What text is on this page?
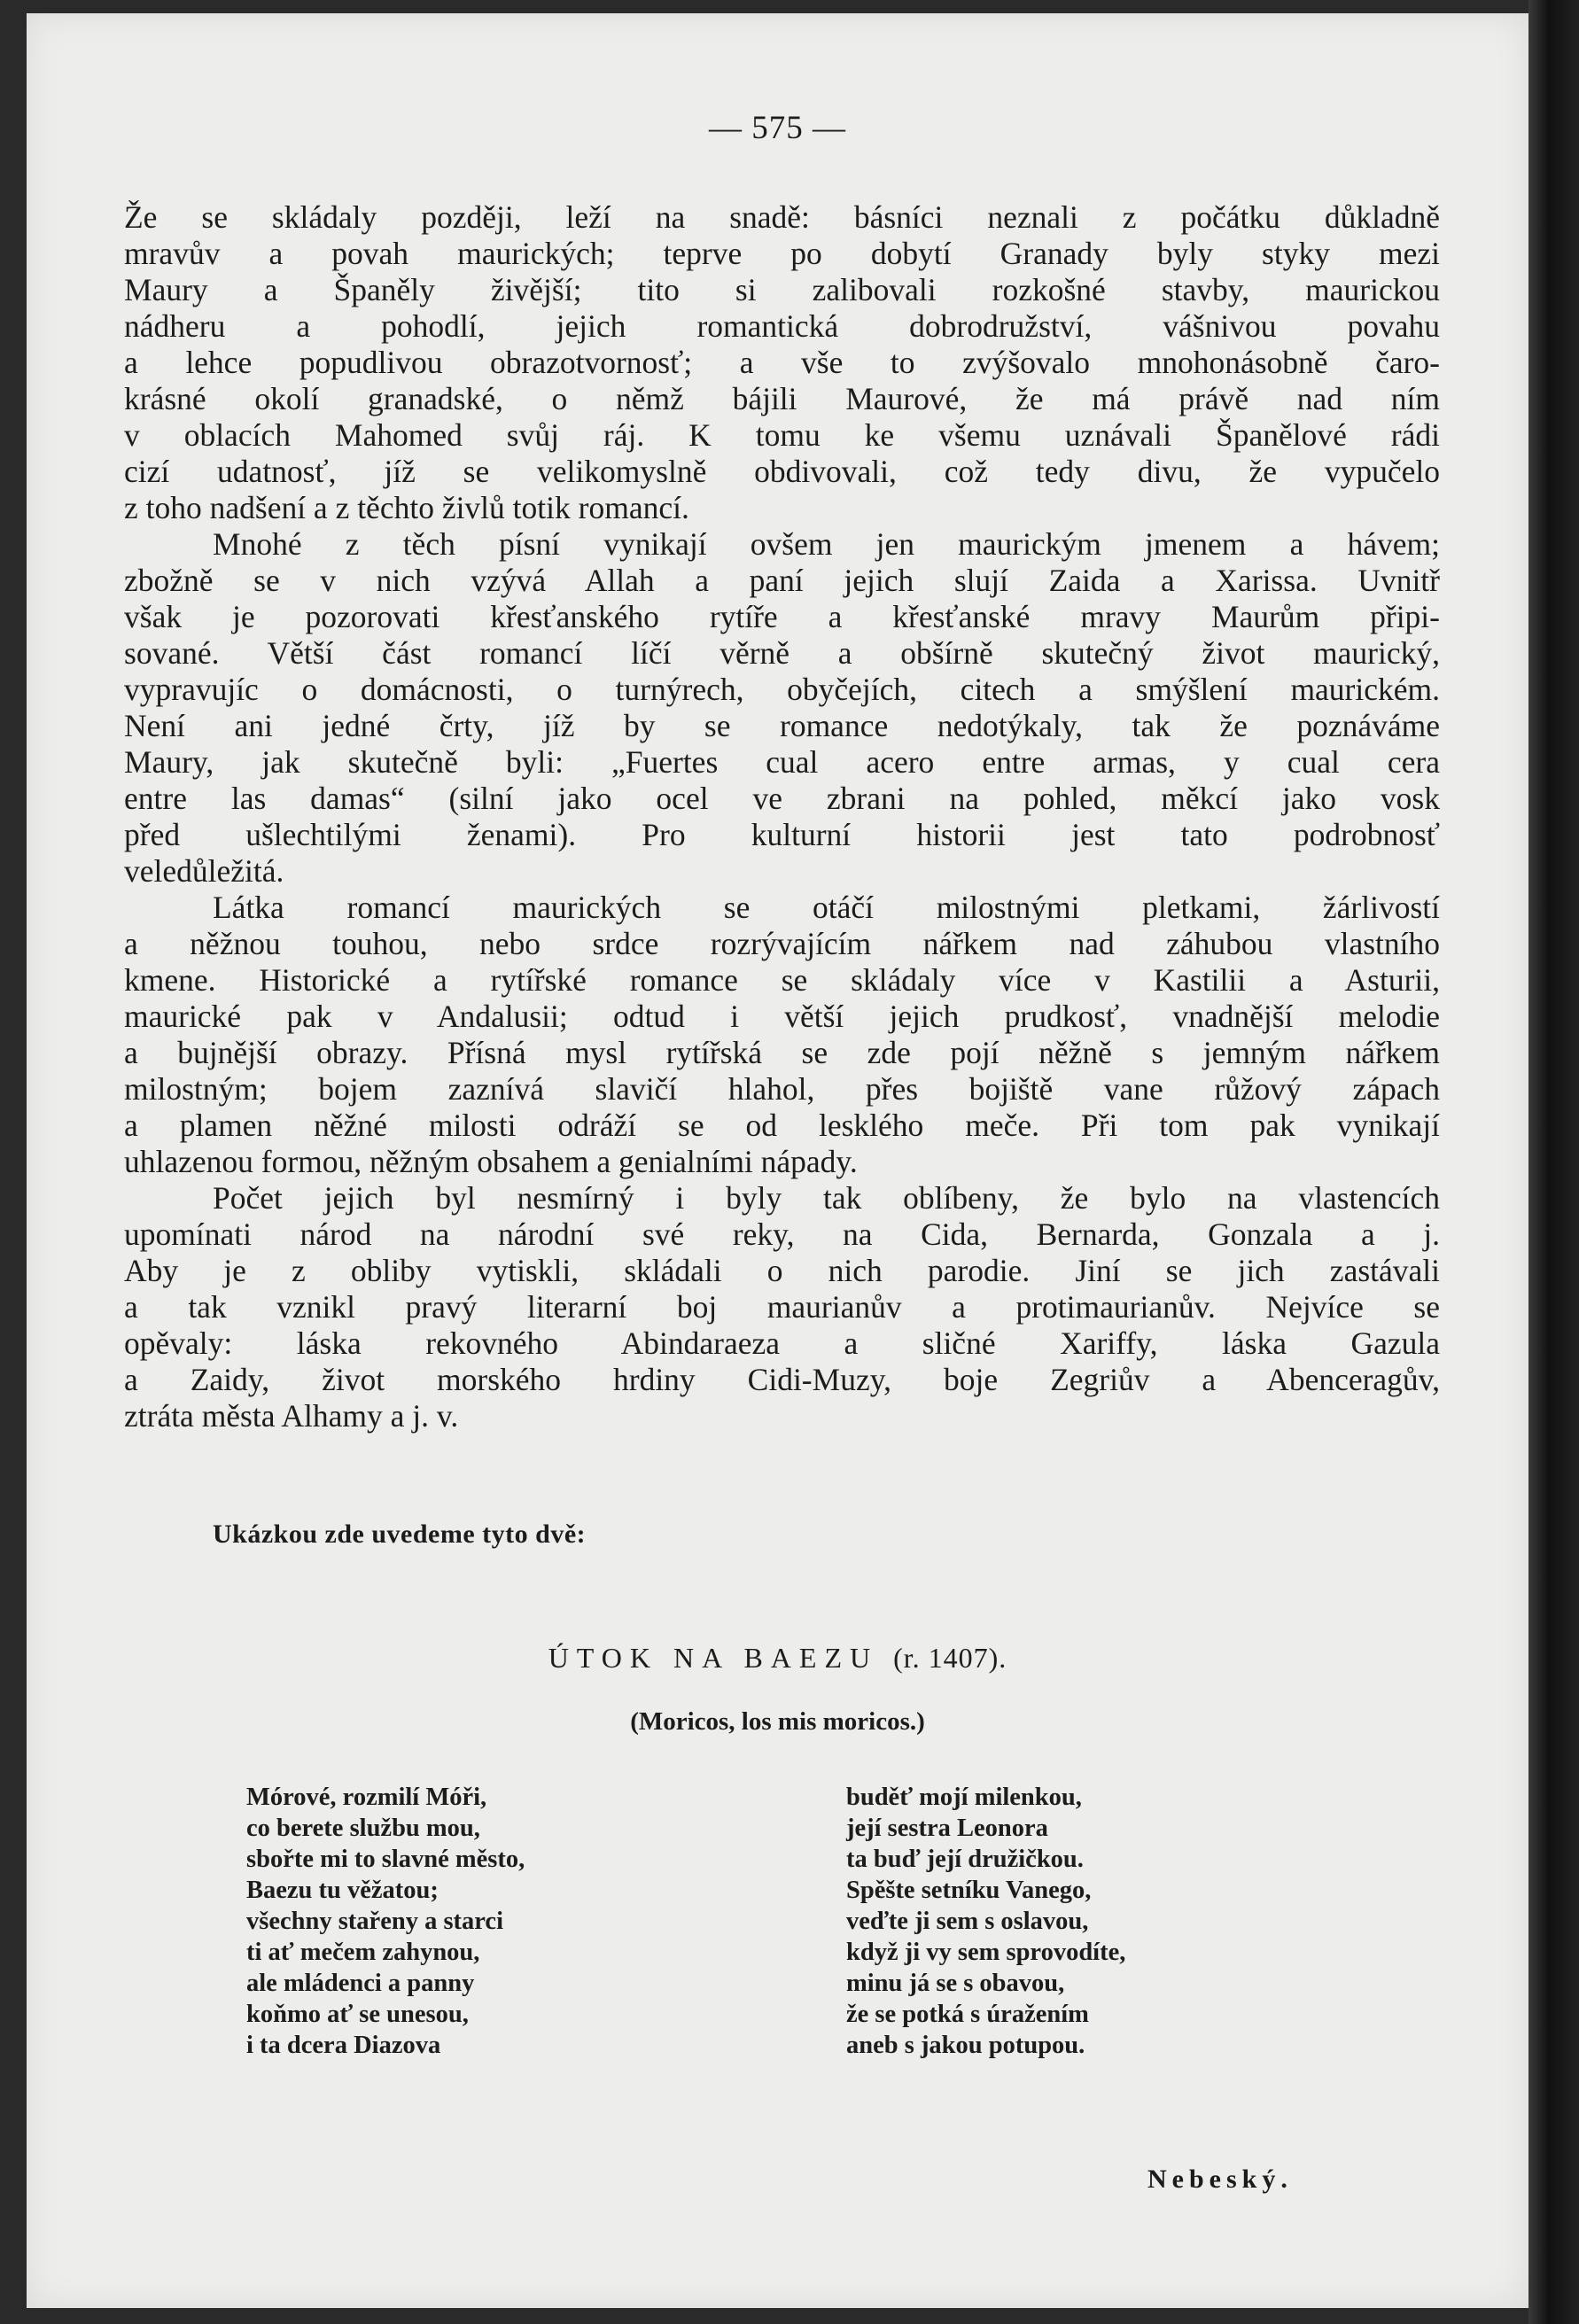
— 575 —

Že se skládaly později, leží na snadě: básníci neznali z počátku důkladně

mravův a povah maurických; teprve po dobytí Granady byly styky mezi

Maury a Španěly živější; tito si zalibovali rozkošné stavby, maurickou

nádheru a pohodlí, jejich romantická dobrodružství, vášnivou povahu

a lehce popudlivou obrazotvornosť; a vše to zvýšovalo mnohonásobně čaro-

krásné okolí granadské, o němž bájili Maurové, že má právě nad ním

v oblacích Mahomed svůj ráj. K tomu ke všemu uznávali Španělové rádi

cizí udatnosť, jíž se velikomyslně obdivovali, což tedy divu, že vypučelo

z toho nadšení a z těchto živlů totik romancí.

Mnohé z těch písní vynikají ovšem jen maurickým jmenem a hávem;

zbožně se v nich vzývá Allah a paní jejich slují Zaida a Xarissa. Uvnitř

však je pozorovati křesťanského rytíře a křesťanské mravy Maurům připi-

sované. Větší část romancí líčí věrně a obšírně skutečný život maurický,

vypravujíc o domácnosti, o turnýrech, obyčejích, citech a smýšlení maurickém.

Není ani jedné črty, jíž by se romance nedotýkaly, tak že poznáváme

Maury, jak skutečně byli: „Fuertes cual acero entre armas, y cual cera

entre las damas“ (silní jako ocel ve zbrani na pohled, měkcí jako vosk

před ušlechtilými ženami). Pro kulturní historii jest tato podrobnosť

veledůležitá.

Látka romancí maurických se otáčí milostnými pletkami, žárlivostí

a něžnou touhou, nebo srdce rozrývajícím nářkem nad záhubou vlastního

kmene. Historické a rytířské romance se skládaly více v Kastilii a Asturii,

maurické pak v Andalusii; odtud i větší jejich prudkosť, vnadnější melodie

a bujnější obrazy. Přísná mysl rytířská se zde pojí něžně s jemným nářkem

milostným; bojem zaznívá slavičí hlahol, přes bojiště vane růžový zápach

a plamen něžné milosti odráží se od lesklého meče. Při tom pak vynikají

uhlazenou formou, něžným obsahem a genialními nápady.

Počet jejich byl nesmírný i byly tak oblíbeny, že bylo na vlastencích

upomínati národ na národní své reky, na Cida, Bernarda, Gonzala a j.

Aby je z obliby vytiskli, skládali o nich parodie. Jiní se jich zastávali

a tak vznikl pravý literarní boj maurianův a protimaurianův. Nejvíce se

opěvaly: láska rekovného Abindaraeza a sličné Xariffy, láska Gazula

a Zaidy, život morského hrdiny Cidi-Muzy, boje Zegriův a Abenceragův,

ztráta města Alhamy a j. v.

Ukázkou zde uvedeme tyto dvě:
ÚTOK NA BAEZU (r. 1407).
(Moricos, los mis moricos.)
Mórové, rozmilí Móři,
co berete službu mou,
sbořte mi to slavné město,
Baezu tu věžatou;
všechny stařeny a starci
ti ať mečem zahynou,
ale mládenci a panny
koňmo ať se unesou,
i ta dcera Diazova
buděť mojí milenkou,
její sestra Leonora
ta buď její družičkou.
Spěšte setníku Vanego,
veďte ji sem s oslavou,
když ji vy sem sprovodíte,
minu já se s obavou,
že se potká s úražením
aneb s jakou potupou.
Nebeský.
